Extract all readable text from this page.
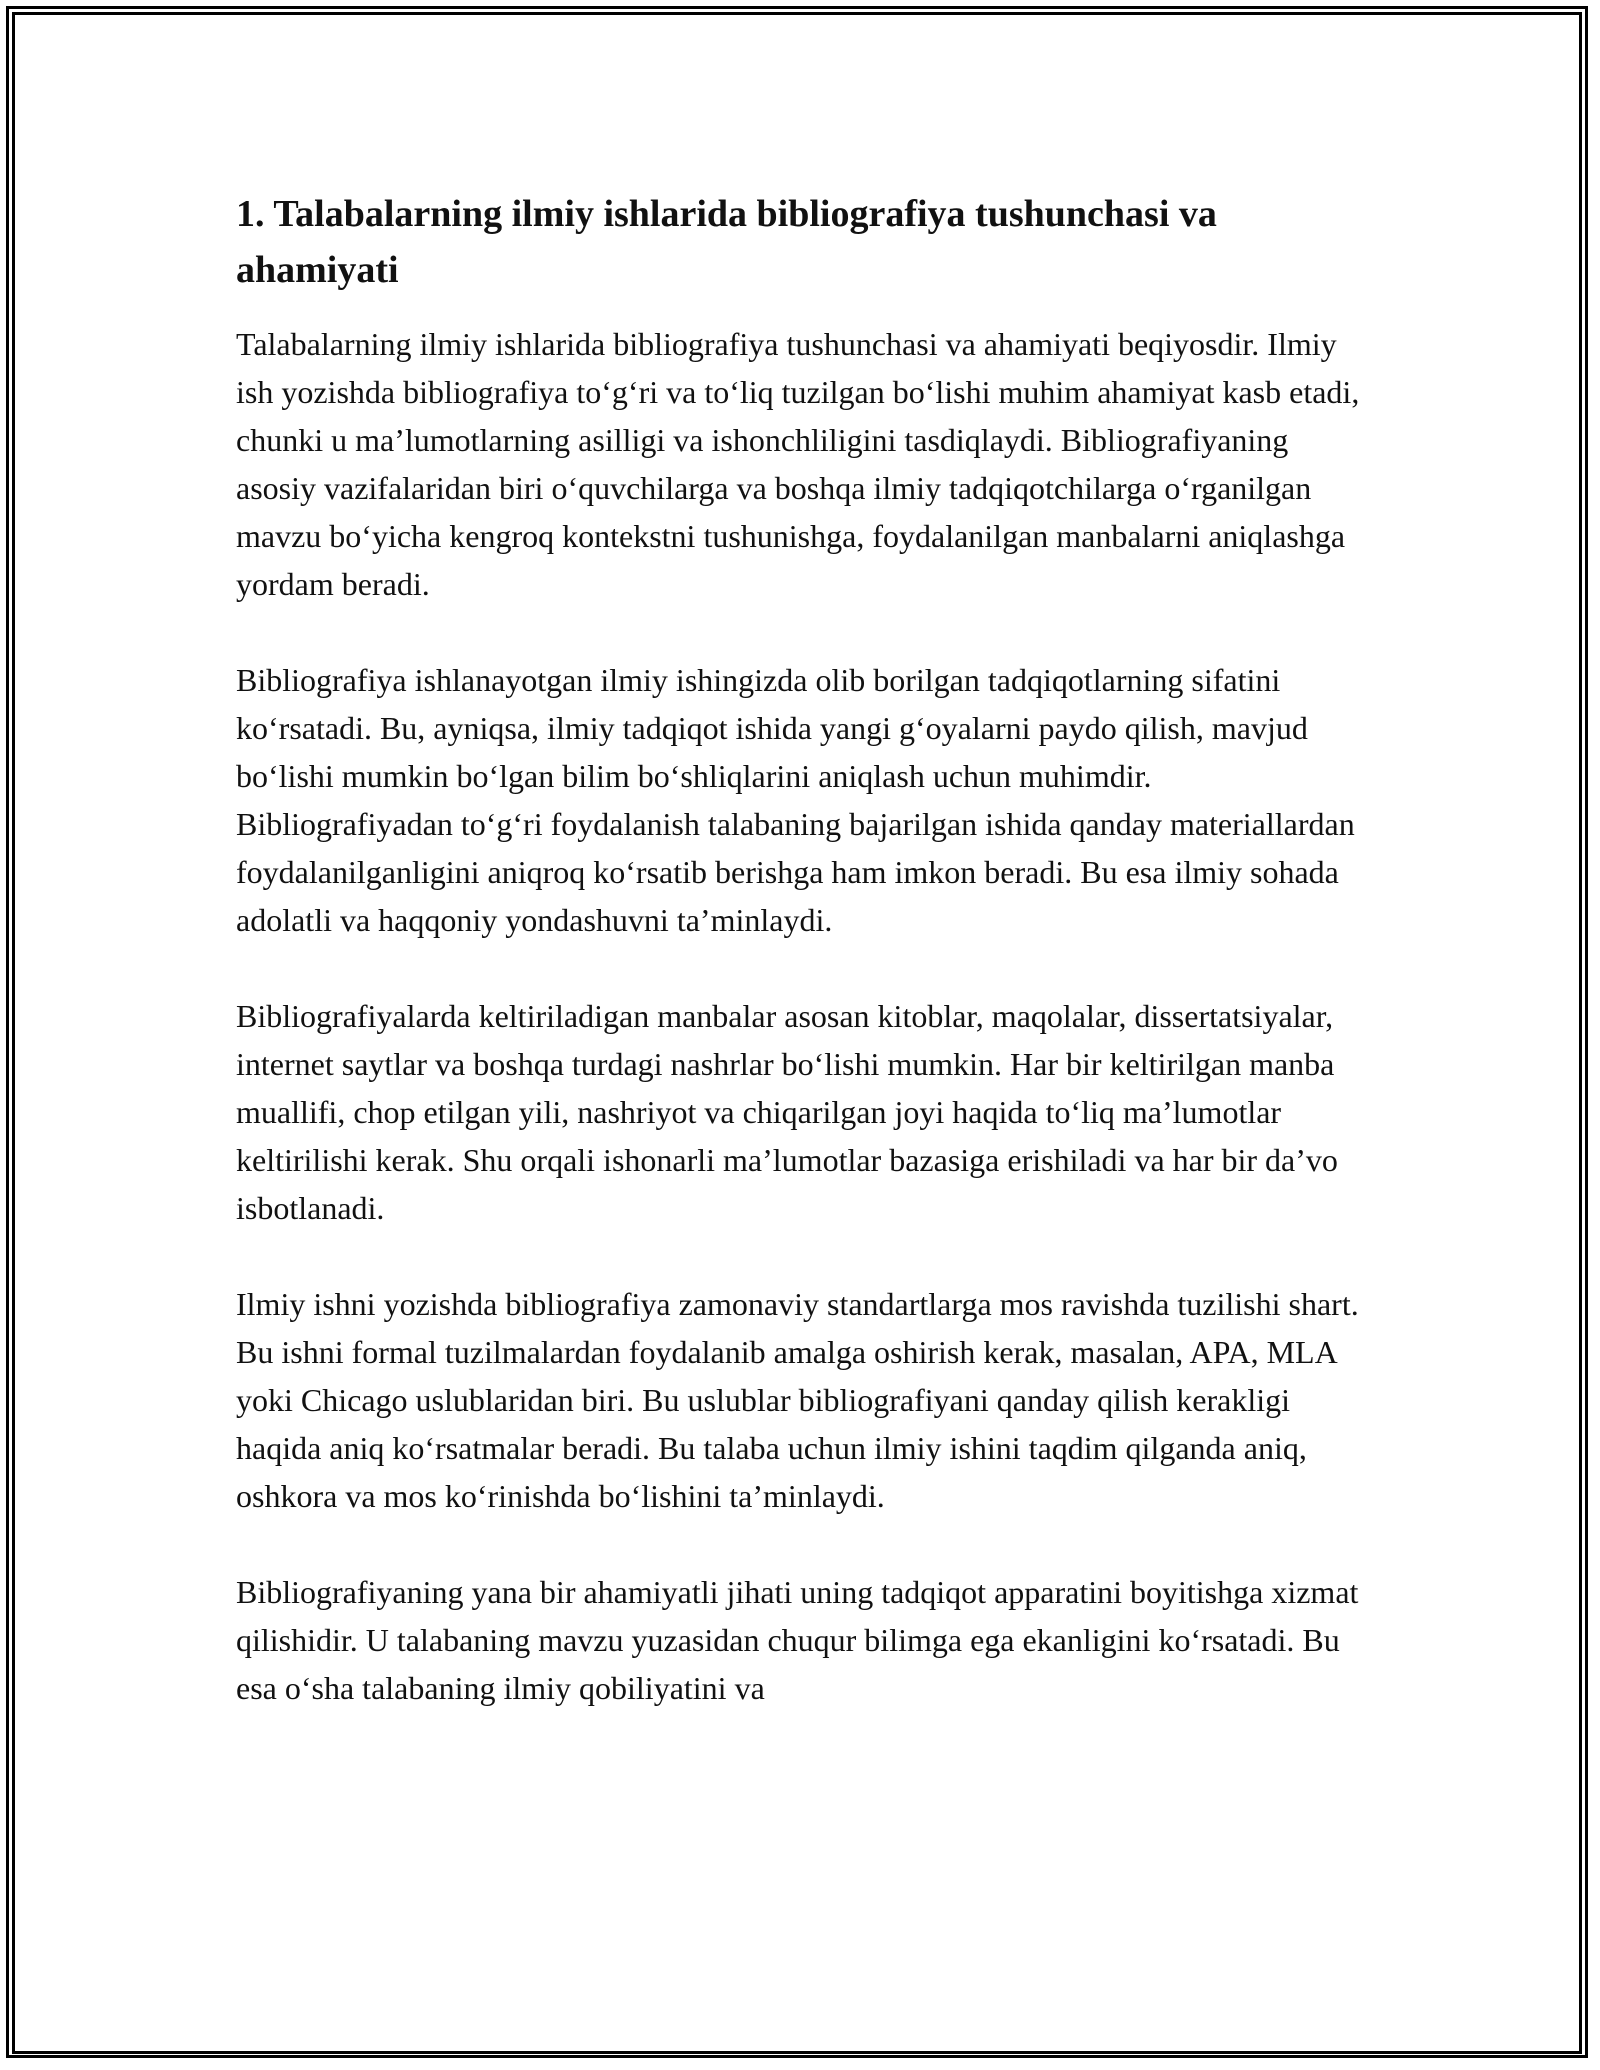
1. Talabalarning ilmiy ishlarida bibliografiya tushunchasi va ahamiyati

Talabalarning ilmiy ishlarida bibliografiya tushunchasi va ahamiyati beqiyosdir. Ilmiy ish yozishda bibliografiya to‘g‘ri va to‘liq tuzilgan bo‘lishi muhim ahamiyat kasb etadi, chunki u ma’lumotlarning asilligi va ishonchliligini tasdiqlaydi. Bibliografiyaning asosiy vazifalaridan biri o‘quvchilarga va boshqa ilmiy tadqiqotchilarga o‘rganilgan mavzu bo‘yicha kengroq kontekstni tushunishga, foydalanilgan manbalarni aniqlashga yordam beradi.

Bibliografiya ishlanayotgan ilmiy ishingizda olib borilgan tadqiqotlarning sifatini ko‘rsatadi. Bu, ayniqsa, ilmiy tadqiqot ishida yangi g‘oyalarni paydo qilish, mavjud bo‘lishi mumkin bo‘lgan bilim bo‘shliqlarini aniqlash uchun muhimdir. Bibliografiyadan to‘g‘ri foydalanish talabaning bajarilgan ishida qanday materiallardan foydalanilganligini aniqroq ko‘rsatib berishga ham imkon beradi. Bu esa ilmiy sohada adolatli va haqqoniy yondashuvni ta’minlaydi.

Bibliografiyalarda keltiriladigan manbalar asosan kitoblar, maqolalar, dissertatsiyalar, internet saytlar va boshqa turdagi nashrlar bo‘lishi mumkin. Har bir keltirilgan manba muallifi, chop etilgan yili, nashriyot va chiqarilgan joyi haqida to‘liq ma’lumotlar keltirilishi kerak. Shu orqali ishonarli ma’lumotlar bazasiga erishiladi va har bir da’vo isbotlanadi.

Ilmiy ishni yozishda bibliografiya zamonaviy standartlarga mos ravishda tuzilishi shart. Bu ishni formal tuzilmalardan foydalanib amalga oshirish kerak, masalan, APA, MLA yoki Chicago uslublaridan biri. Bu uslublar bibliografiyani qanday qilish kerakligi haqida aniq ko‘rsatmalar beradi. Bu talaba uchun ilmiy ishini taqdim qilganda aniq, oshkora va mos ko‘rinishda bo‘lishini ta’minlaydi.

Bibliografiyaning yana bir ahamiyatli jihati uning tadqiqot apparatini boyitishga xizmat qilishidir. U talabaning mavzu yuzasidan chuqur bilimga ega ekanligini ko‘rsatadi. Bu esa o‘sha talabaning ilmiy qobiliyatini va
